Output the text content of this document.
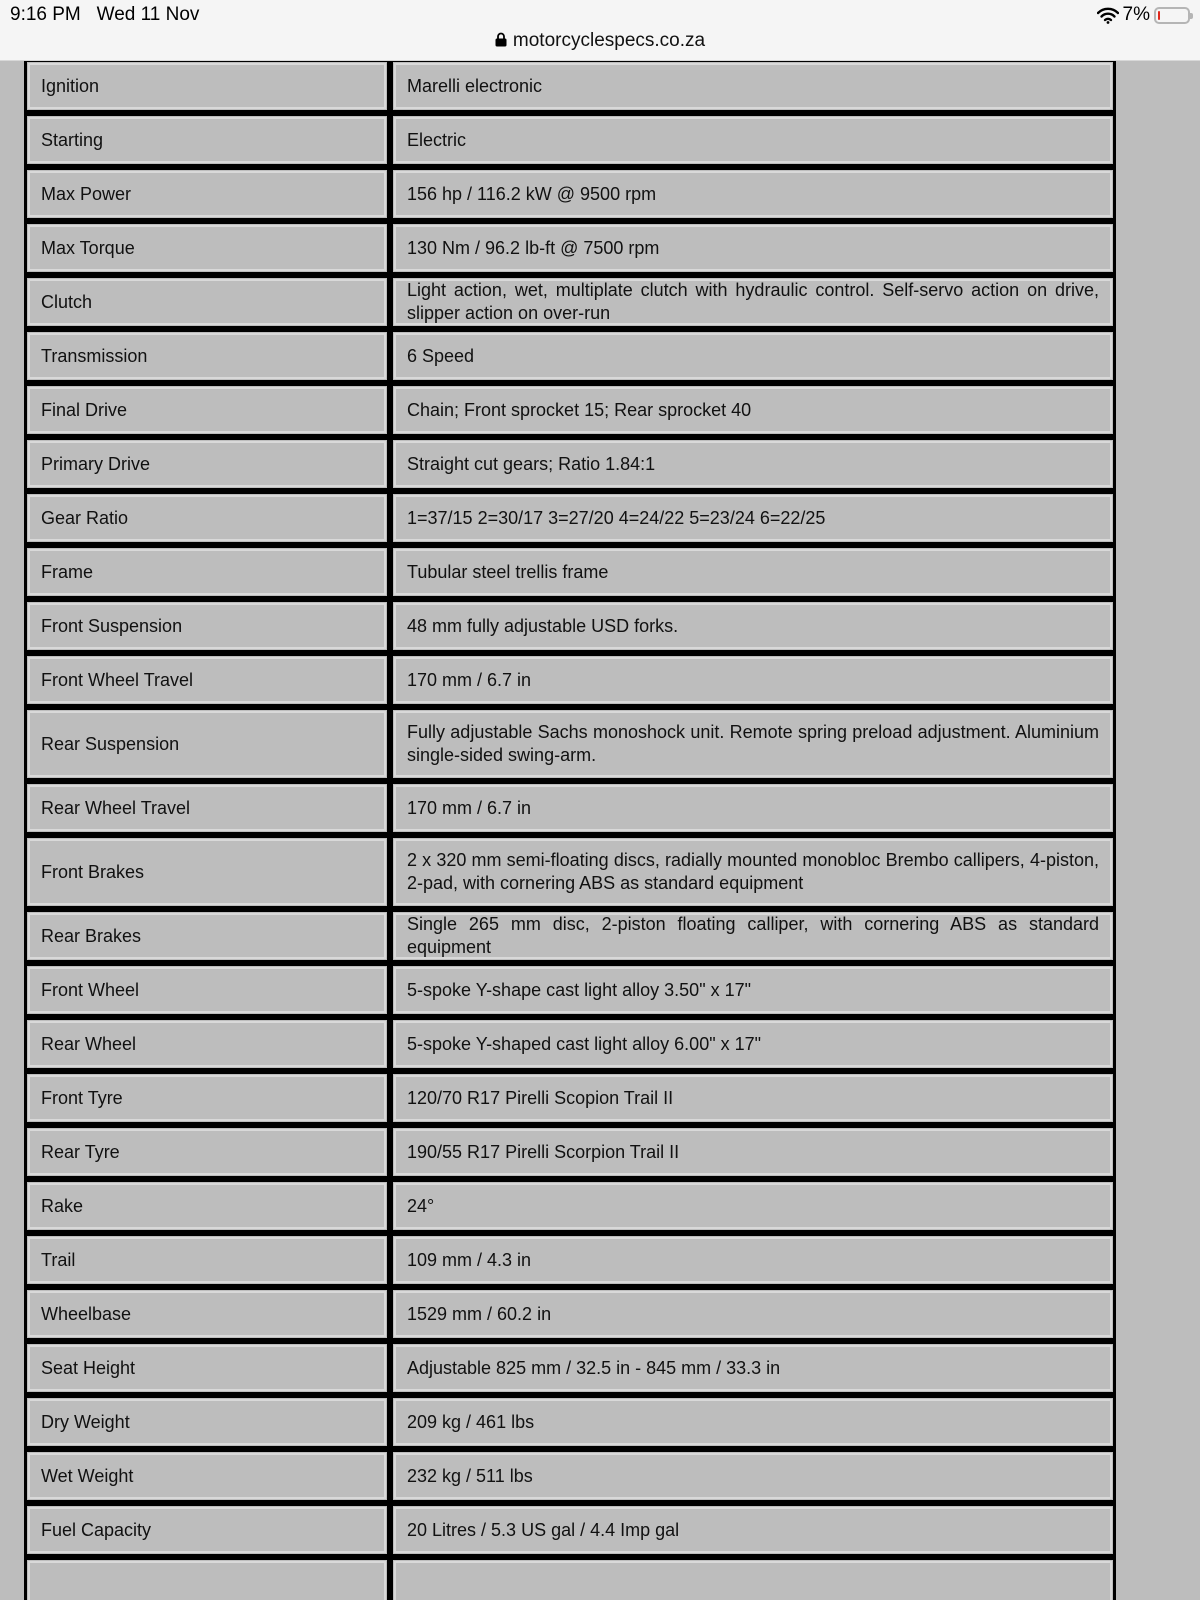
9:16 PM Wed 11 Nov	7%
motorcyclespecs.co.za

Ignition	Marelli electronic
Starting	Electric
Max Power	156 hp / 116.2 kW @ 9500 rpm
Max Torque	130 Nm / 96.2 lb-ft @ 7500 rpm
Clutch	Light action, wet, multiplate clutch with hydraulic control. Self-servo action on drive, slipper action on over-run
Transmission	6 Speed
Final Drive	Chain; Front sprocket 15; Rear sprocket 40
Primary Drive	Straight cut gears; Ratio 1.84:1
Gear Ratio	1=37/15 2=30/17 3=27/20 4=24/22 5=23/24 6=22/25
Frame	Tubular steel trellis frame
Front Suspension	48 mm fully adjustable USD forks.
Front Wheel Travel	170 mm / 6.7 in
Rear Suspension	Fully adjustable Sachs monoshock unit. Remote spring preload adjustment. Aluminium single-sided swing-arm.
Rear Wheel Travel	170 mm / 6.7 in
Front Brakes	2 x 320 mm semi-floating discs, radially mounted monobloc Brembo callipers, 4-piston, 2-pad, with cornering ABS as standard equipment
Rear Brakes	Single 265 mm disc, 2-piston floating calliper, with cornering ABS as standard equipment
Front Wheel	5-spoke Y-shape cast light alloy 3.50" x 17"
Rear Wheel	5-spoke Y-shaped cast light alloy 6.00" x 17"
Front Tyre	120/70 R17 Pirelli Scopion Trail II
Rear Tyre	190/55 R17 Pirelli Scorpion Trail II
Rake	24°
Trail	109 mm / 4.3 in
Wheelbase	1529 mm / 60.2 in
Seat Height	Adjustable 825 mm / 32.5 in - 845 mm / 33.3 in
Dry Weight	209 kg / 461 lbs
Wet Weight	232 kg / 511 lbs
Fuel Capacity	20 Litres / 5.3 US gal / 4.4 Imp gal
